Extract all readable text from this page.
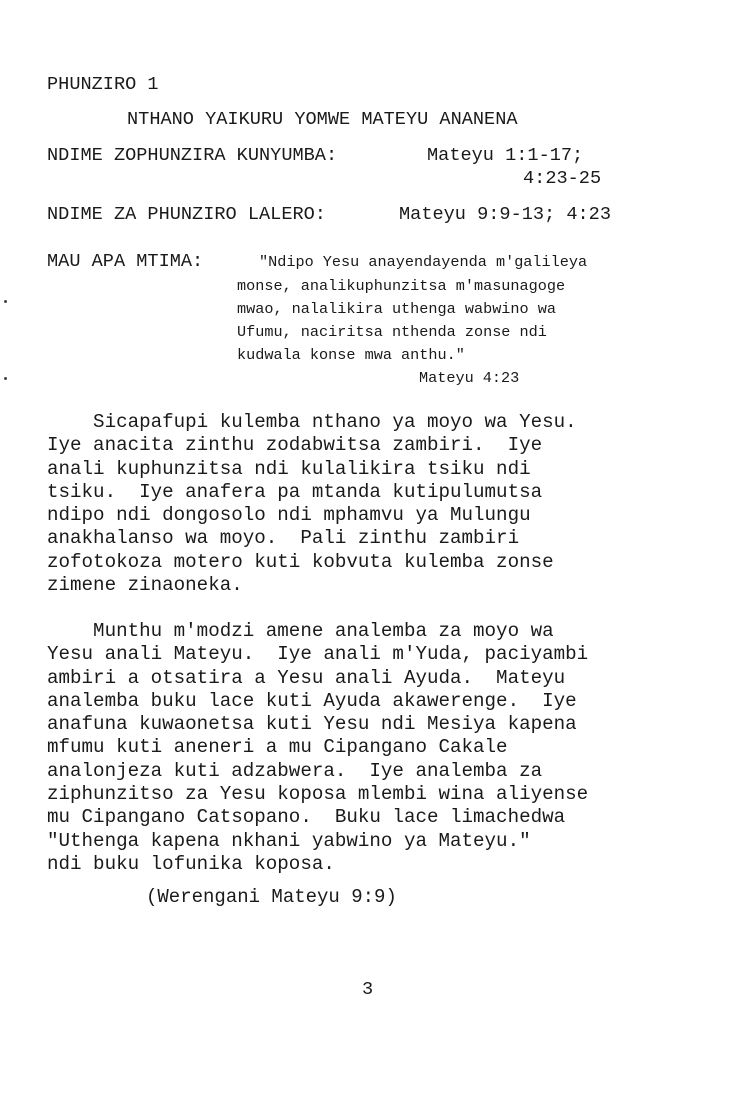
PHUNZIRO 1
NTHANO YAIKURU YOMWE MATEYU ANANENA
NDIME ZOPHUNZIRA KUNYUMBA:	Mateyu 1:1-17;
4:23-25
NDIME ZA PHUNZIRO LALERO:	Mateyu 9:9-13; 4:23
MAU APA MTIMA:	"Ndipo Yesu anayendayenda m'galileya
monse, analikuphunzitsa m'masunagoge
mwao, nalalikira uthenga wabwino wa
Ufumu, naciritsa nthenda zonse ndi
kudwala konse mwa anthu."
Mateyu 4:23
Sicapafupi kulemba nthano ya moyo wa Yesu.
Iye anacita zinthu zodabwitsa zambiri.  Iye
anali kuphunzitsa ndi kulalikira tsiku ndi
tsiku.  Iye anafera pa mtanda kutipulumutsa
ndipo ndi dongosolo ndi mphamvu ya Mulungu
anakhalanso wa moyo.  Pali zinthu zambiri
zofotokoza motero kuti kobvuta kulemba zonse
zimene zinaoneka.
Munthu m'modzi amene analemba za moyo wa
Yesu anali Mateyu.  Iye anali m'Yuda, paciyambi
ambiri a otsatira a Yesu anali Ayuda.  Mateyu
analemba buku lace kuti Ayuda akawerenge.  Iye
anafuna kuwaonetsa kuti Yesu ndi Mesiya kapena
mfumu kuti aneneri a mu Cipangano Cakale
analonjeza kuti adzabwera.  Iye analemba za
ziphunzitso za Yesu koposa mlembi wina aliyense
mu Cipangano Catsopano.  Buku lace limachedwa
"Uthenga kapena nkhani yabwino ya Mateyu."
ndi buku lofunika koposa.
(Werengani Mateyu 9:9)
3
